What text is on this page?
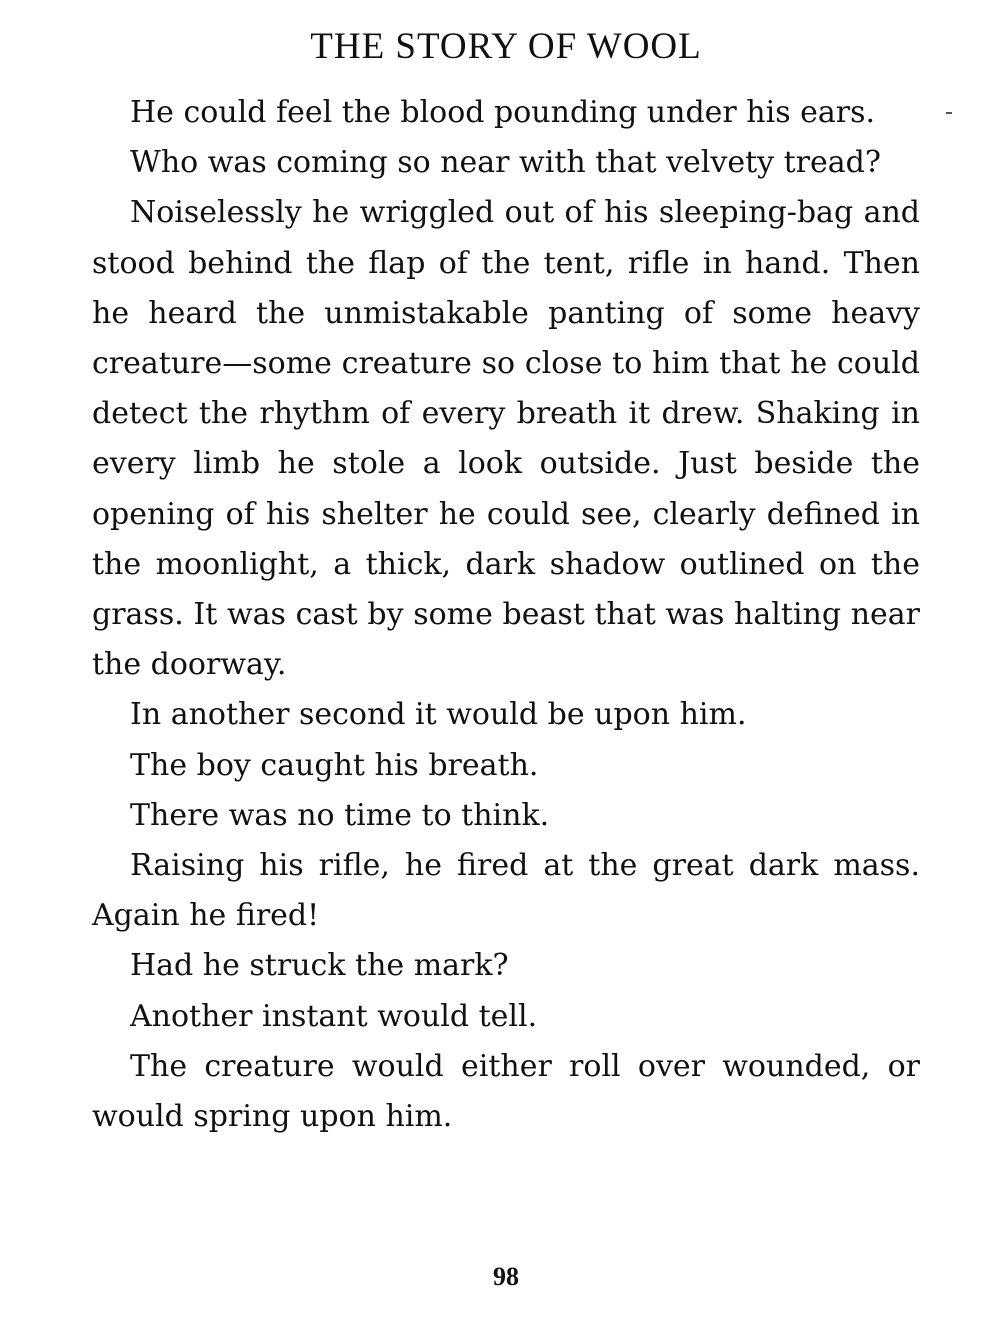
THE STORY OF WOOL

He could feel the blood pounding under his ears.

Who was coming so near with that velvety tread?

Noiselessly he wriggled out of his sleeping-bag and stood behind the flap of the tent, rifle in hand. Then he heard the unmistakable panting of some heavy creature—some creature so close to him that he could detect the rhythm of every breath it drew. Shaking in every limb he stole a look outside. Just beside the opening of his shelter he could see, clearly defined in the moonlight, a thick, dark shadow outlined on the grass. It was cast by some beast that was halting near the doorway.

In another second it would be upon him.

The boy caught his breath.

There was no time to think.

Raising his rifle, he fired at the great dark mass. Again he fired!

Had he struck the mark?

Another instant would tell.

The creature would either roll over wounded, or would spring upon him.

98
